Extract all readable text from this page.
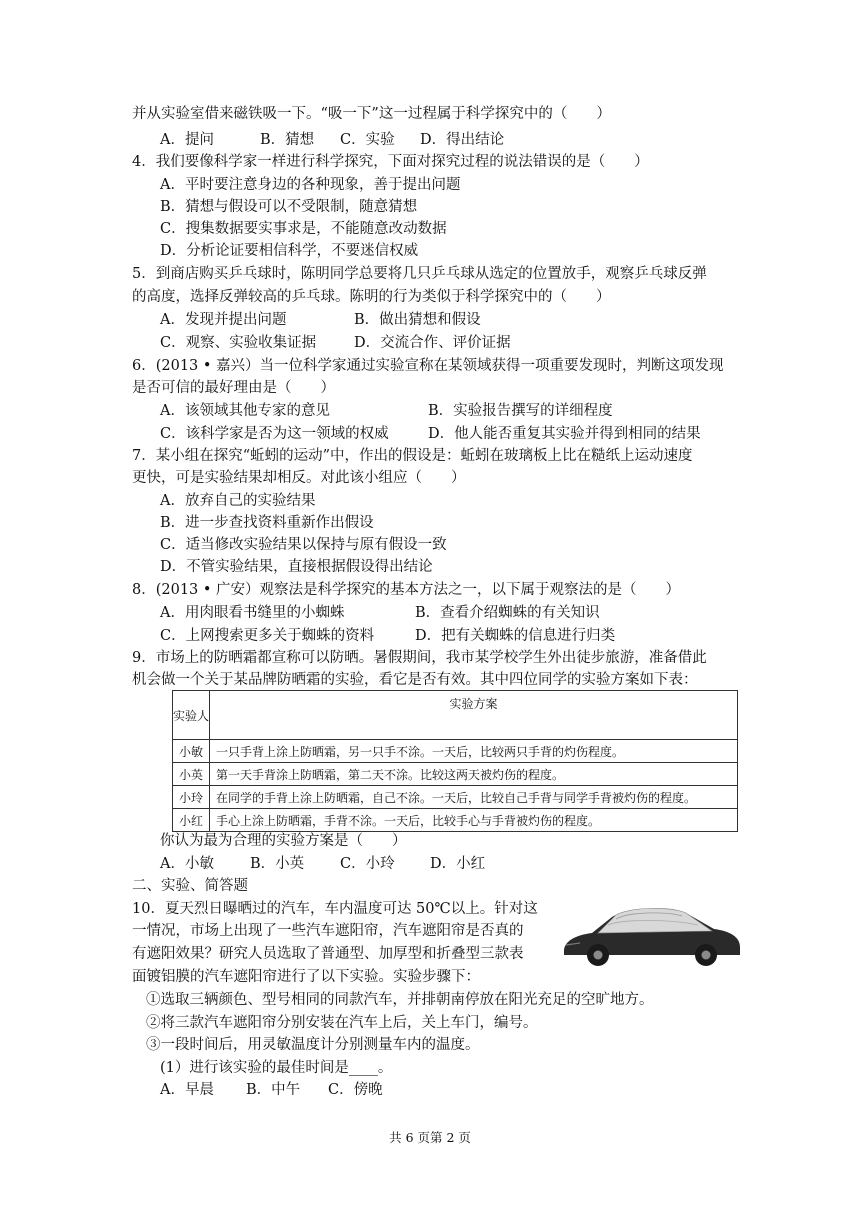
并从实验室借来磁铁吸一下。“吸一下”这一过程属于科学探究中的（　　）
A．提问	B．猜想 C．实验 D．得出结论
4．我们要像科学家一样进行科学探究，下面对探究过程的说法错误的是（　　）
A．平时要注意身边的各种现象，善于提出问题
B．猜想与假设可以不受限制，随意猜想
C．搜集数据要实事求是，不能随意改动数据
D．分析论证要相信科学，不要迷信权威
5．到商店购买乒乓球时，陈明同学总要将几只乒乓球从选定的位置放手，观察乒乓球反弹
的高度，选择反弹较高的乒乓球。陈明的行为类似于科学探究中的（　　）
A．发现并提出问题	B．做出猜想和假设
C．观察、实验收集证据	D．交流合作、评价证据
6．(2013 • 嘉兴）当一位科学家通过实验宣称在某领域获得一项重要发现时，判断这项发现
是否可信的最好理由是（　　）
A．该领域其他专家的意见	B．实验报告撰写的详细程度
C．该科学家是否为这一领域的权威	D．他人能否重复其实验并得到相同的结果
7．某小组在探究“蚯蚓的运动”中，作出的假设是：蚯蚓在玻璃板上比在糙纸上运动速度
更快，可是实验结果却相反。对此该小组应（　　）
A．放弃自己的实验结果
B．进一步查找资料重新作出假设
C．适当修改实验结果以保持与原有假设一致
D．不管实验结果，直接根据假设得出结论
8．(2013 • 广安）观察法是科学探究的基本方法之一，以下属于观察法的是（　　）
A．用肉眼看书缝里的小蜘蛛	B．查看介绍蜘蛛的有关知识
C．上网搜索更多关于蜘蛛的资料	D．把有关蜘蛛的信息进行归类
9．市场上的防晒霜都宣称可以防晒。暑假期间，我市某学校学生外出徒步旅游，准备借此
机会做一个关于某品牌防晒霜的实验，看它是否有效。其中四位同学的实验方案如下表：
实验人	实验方案
小敏	一只手背上涂上防晒霜，另一只手不涂。一天后，比较两只手背的灼伤程度。
小英	第一天手背涂上防晒霜，第二天不涂。比较这两天被灼伤的程度。
小玲	在同学的手背上涂上防晒霜，自己不涂。一天后，比较自己手背与同学手背被灼伤的程度。
小红	手心上涂上防晒霜，手背不涂。一天后，比较手心与手背被灼伤的程度。
你认为最为合理的实验方案是（　　）
A．小敏 B．小英 C．小玲 D．小红
二、实验、简答题
10．夏天烈日曝晒过的汽车，车内温度可达 50℃以上。针对这
一情况，市场上出现了一些汽车遮阳帘，汽车遮阳帘是否真的
有遮阳效果？研究人员选取了普通型、加厚型和折叠型三款表
面镀铝膜的汽车遮阳帘进行了以下实验。实验步骤下：
①选取三辆颜色、型号相同的同款汽车，并排朝南停放在阳光充足的空旷地方。
②将三款汽车遮阳帘分别安装在汽车上后，关上车门，编号。
③一段时间后，用灵敏温度计分别测量车内的温度。
(1）进行该实验的最佳时间是____。
A．早晨 B．中午 C．傍晚
共 6 页第 2 页
